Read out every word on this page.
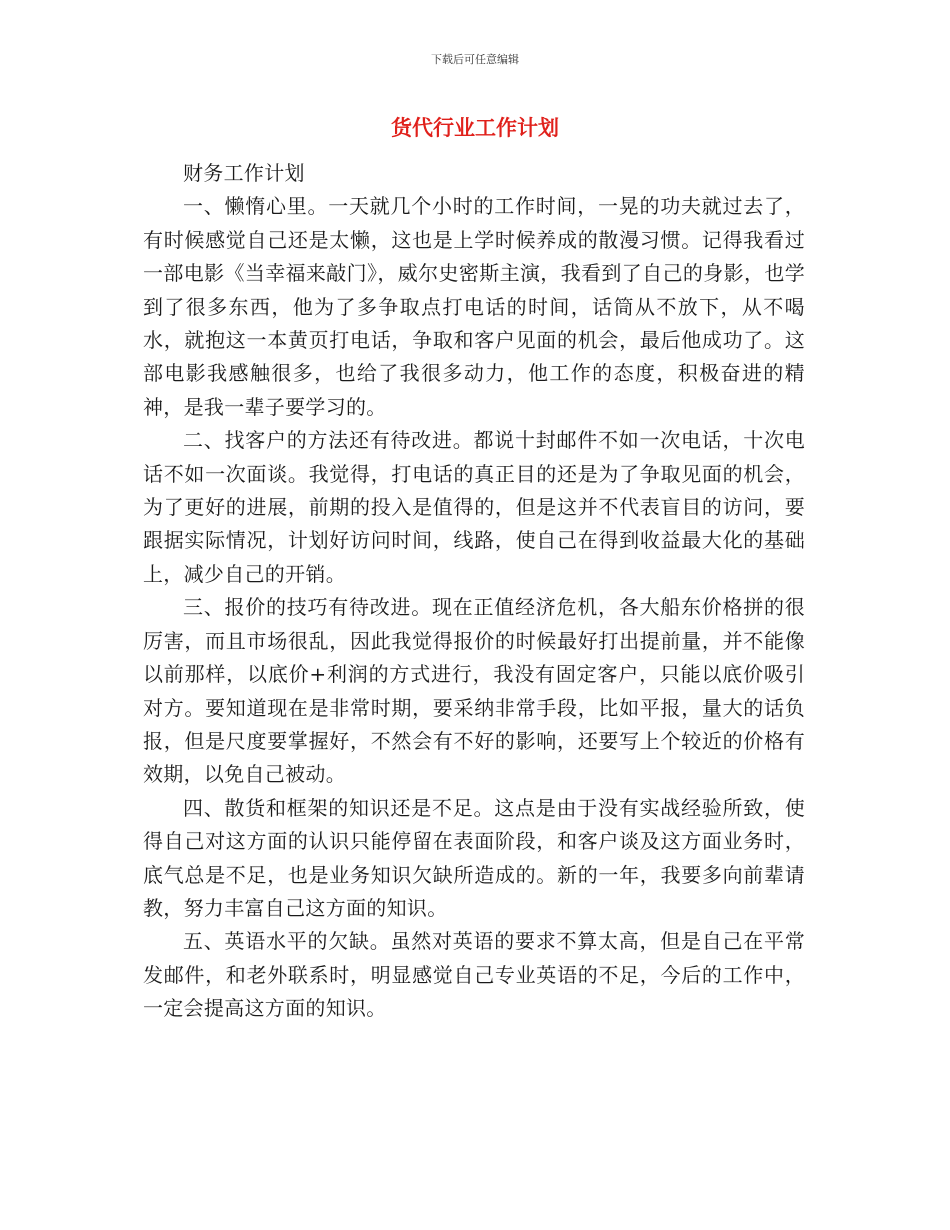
下载后可任意编辑
货代行业工作计划

财务工作计划

一、懒惰心里。一天就几个小时的工作时间，一晃的功夫就过去了，有时候感觉自己还是太懒，这也是上学时候养成的散漫习惯。记得我看过一部电影《当幸福来敲门》，威尔史密斯主演，我看到了自己的身影，也学到了很多东西，他为了多争取点打电话的时间，话筒从不放下，从不喝水，就抱这一本黄页打电话，争取和客户见面的机会，最后他成功了。这部电影我感触很多，也给了我很多动力，他工作的态度，积极奋进的精神，是我一辈子要学习的。

二、找客户的方法还有待改进。都说十封邮件不如一次电话，十次电话不如一次面谈。我觉得，打电话的真正目的还是为了争取见面的机会，为了更好的进展，前期的投入是值得的，但是这并不代表盲目的访问，要跟据实际情况，计划好访问时间，线路，使自己在得到收益最大化的基础上，减少自己的开销。

三、报价的技巧有待改进。现在正值经济危机，各大船东价格拼的很厉害，而且市场很乱，因此我觉得报价的时候最好打出提前量，并不能像以前那样，以底价+利润的方式进行，我没有固定客户，只能以底价吸引对方。要知道现在是非常时期，要采纳非常手段，比如平报，量大的话负报，但是尺度要掌握好，不然会有不好的影响，还要写上个较近的价格有效期，以免自己被动。

四、散货和框架的知识还是不足。这点是由于没有实战经验所致，使得自己对这方面的认识只能停留在表面阶段，和客户谈及这方面业务时，底气总是不足，也是业务知识欠缺所造成的。新的一年，我要多向前辈请教，努力丰富自己这方面的知识。

五、英语水平的欠缺。虽然对英语的要求不算太高，但是自己在平常发邮件，和老外联系时，明显感觉自己专业英语的不足，今后的工作中，一定会提高这方面的知识。
